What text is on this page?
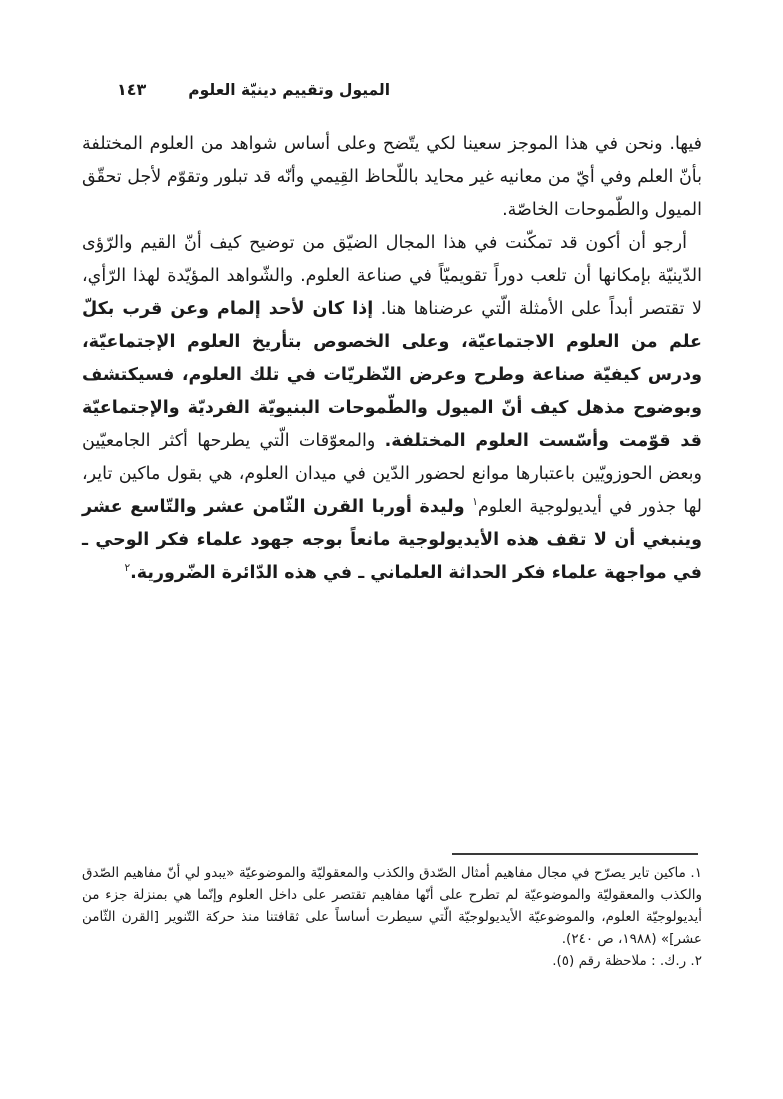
١٤٣	الميول وتقييم دينيّة العلوم

فيها. ونحن في هذا الموجز سعينا لكي يتّضح وعلى أساس شواهد من العلوم المختلفة بأنّ العلم وفي أيّ من معانيه غير محايد باللّحاظ القِيمي وأنّه قد تبلور وتقوّم لأجل تحقّق الميول والطّموحات الخاصّة.

أرجو أن أكون قد تمكّنت في هذا المجال الضيّق من توضيح كيف أنّ القيم والرّؤى الدّينيّة بإمكانها أن تلعب دوراً تقويميّاً في صناعة العلوم. والشّواهد المؤيّدة لهذا الرّأي، لا تقتصر أبداً على الأمثلة الّتي عرضناها هنا. إذا كان لأحد إلمام وعن قرب بكلّ علم من العلوم الاجتماعيّة، وعلى الخصوص بتأريخ العلوم الإجتماعيّة، ودرس كيفيّة صناعة وطرح وعرض النّظريّات في تلك العلوم، فسيكتشف وبوضوح مذهل كيف أنّ الميول والطّموحات البنيويّة الفرديّة والإجتماعيّة قد قوّمت وأسّست العلوم المختلفة. والمعوّقات الّتي يطرحها أكثر الجامعيّين وبعض الحوزويّين باعتبارها موانع لحضور الدّين في ميدان العلوم، هي بقول ماكين تاير، لها جذور في أيديولوجية العلوم$^١$ وليدة أوربا القرن الثّامن عشر والتّاسع عشر وينبغي أن لا تقف هذه الأيديولوجية مانعاً بوجه جهود علماء فكر الوحي ـ في مواجهة علماء فكر الحداثة العلماني ـ في هذه الدّائرة الضّرورية.$^٢$

١. ماكين تاير يصرّح في مجال مفاهيم أمثال الصّدق والكذب والمعقوليّة والموضوعيّة «يبدو لي أنّ مفاهيم الصّدق والكذب والمعقوليّة والموضوعيّة لم تطرح على أنّها مفاهيم تقتصر على داخل العلوم وإنّما هي بمنزلة جزء من أيديولوجيّة العلوم، والموضوعيّة الأيديولوجيّة الّتي سيطرت أساساً على ثقافتنا منذ حركة التّنوير [القرن الثّامن عشر]» (١٩٨٨، ص ٢٤٠).

٢. ر.ك. : ملاحظة رقم (٥).
